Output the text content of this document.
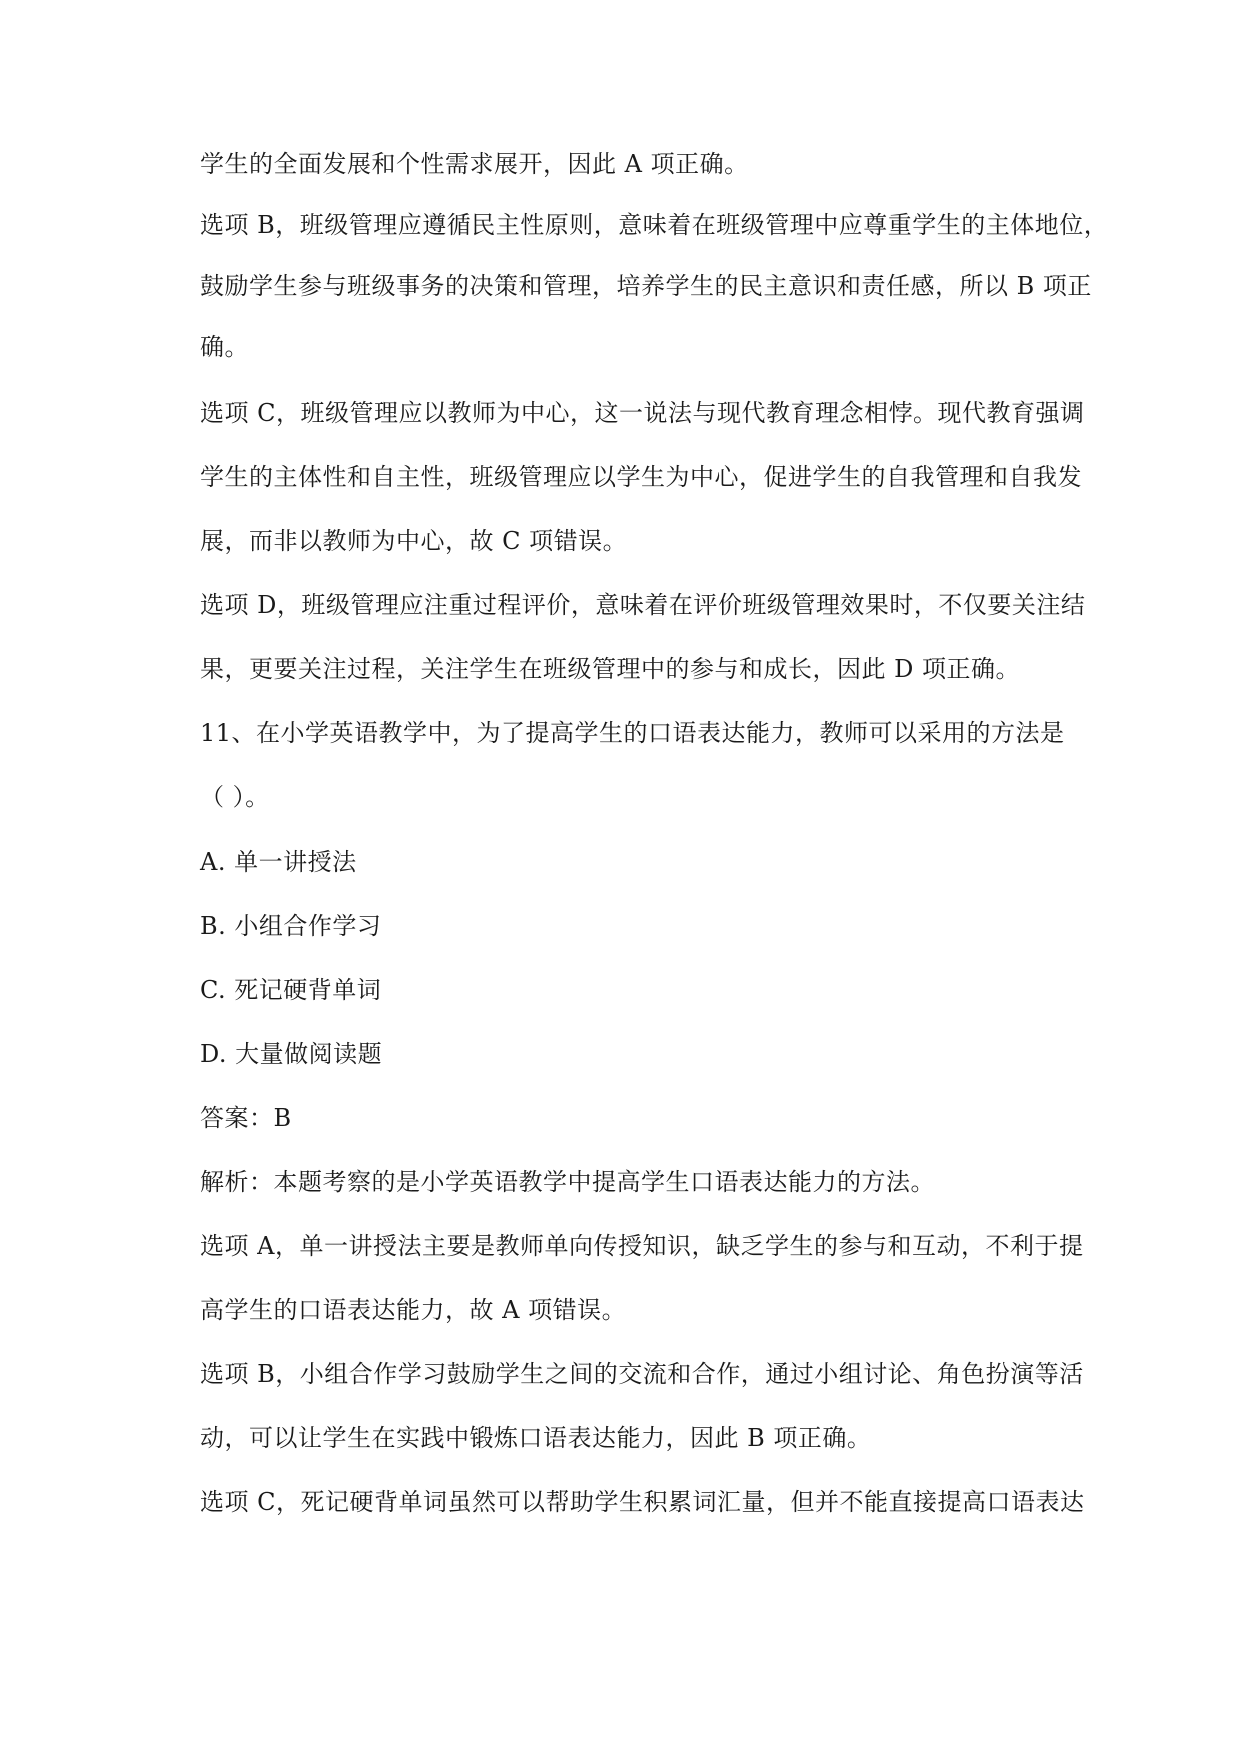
学生的全面发展和个性需求展开，因此 A 项正确。
选项 B，班级管理应遵循民主性原则，意味着在班级管理中应尊重学生的主体地位，
鼓励学生参与班级事务的决策和管理，培养学生的民主意识和责任感，所以 B 项正
确。
选项 C，班级管理应以教师为中心，这一说法与现代教育理念相悖。现代教育强调
学生的主体性和自主性，班级管理应以学生为中心，促进学生的自我管理和自我发
展，而非以教师为中心，故 C 项错误。
选项 D，班级管理应注重过程评价，意味着在评价班级管理效果时，不仅要关注结
果，更要关注过程，关注学生在班级管理中的参与和成长，因此 D 项正确。
11、在小学英语教学中，为了提高学生的口语表达能力，教师可以采用的方法是
（ ）。
A. 单一讲授法
B. 小组合作学习
C. 死记硬背单词
D. 大量做阅读题
答案：B
解析：本题考察的是小学英语教学中提高学生口语表达能力的方法。
选项 A，单一讲授法主要是教师单向传授知识，缺乏学生的参与和互动，不利于提
高学生的口语表达能力，故 A 项错误。
选项 B，小组合作学习鼓励学生之间的交流和合作，通过小组讨论、角色扮演等活
动，可以让学生在实践中锻炼口语表达能力，因此 B 项正确。
选项 C，死记硬背单词虽然可以帮助学生积累词汇量，但并不能直接提高口语表达
